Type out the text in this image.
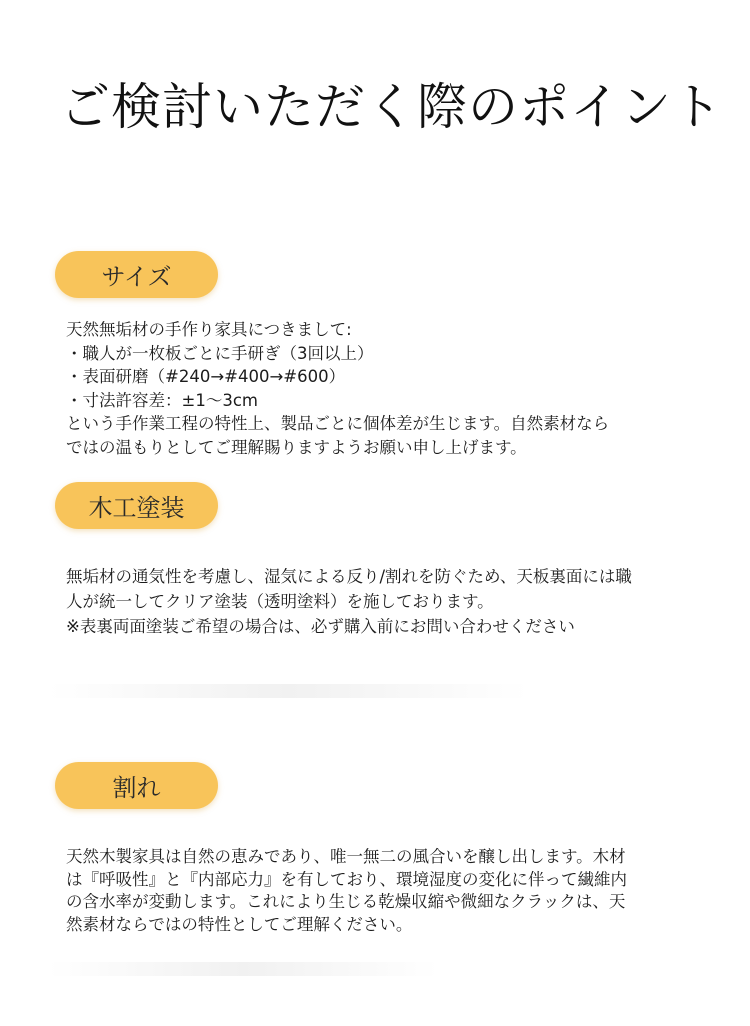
ご検討いただく際のポイント
サイズ

天然無垢材の手作り家具につきまして:

・職人が一枚板ごとに手研ぎ（3回以上）

・表面研磨（#240→#400→#600）

・寸法許容差：±1～3cm

という手作業工程の特性上、製品ごとに個体差が生じます。自然素材なら

ではの温もりとしてご理解賜りますようお願い申し上げます。

木工塗装

無垢材の通気性を考慮し、湿気による反り/割れを防ぐため、天板裏面には職

人が統一してクリア塗装（透明塗料）を施しております。

※表裏両面塗装ご希望の場合は、必ず購入前にお問い合わせください

割れ

天然木製家具は自然の恵みであり、唯一無二の風合いを醸し出します。木材

は『呼吸性』と『内部応力』を有しており、環境湿度の変化に伴って繊維内

の含水率が変動します。これにより生じる乾燥収縮や微細なクラックは、天

然素材ならではの特性としてご理解ください。
